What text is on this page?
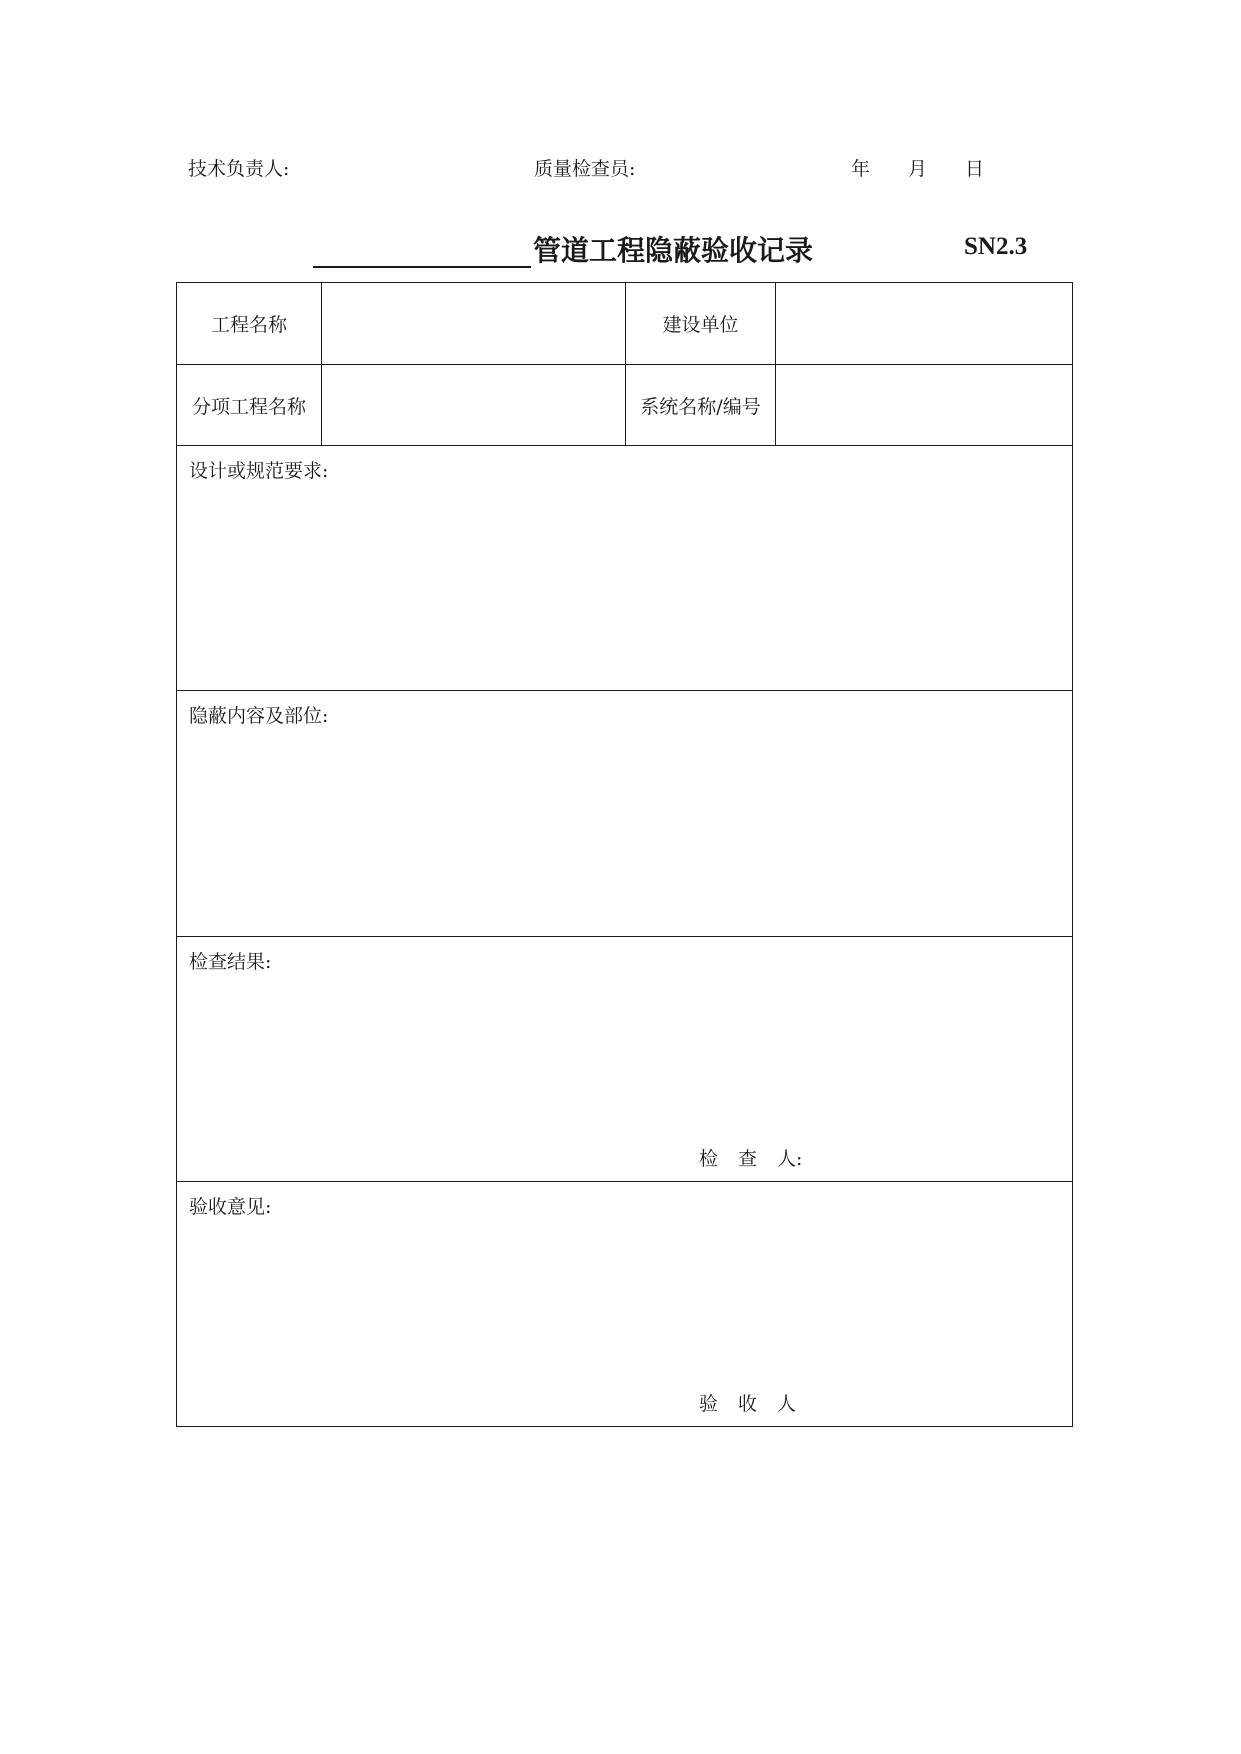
技术负责人:	质量检查员:	年 月 日
管道工程隐蔽验收记录	SN2.3
工程名称		建设单位	
分项工程名称		系统名称/编号	

设计或规范要求:			

隐蔽内容及部位:			

检查结果:
检 查 人:			

验收意见:
验 收 人			
